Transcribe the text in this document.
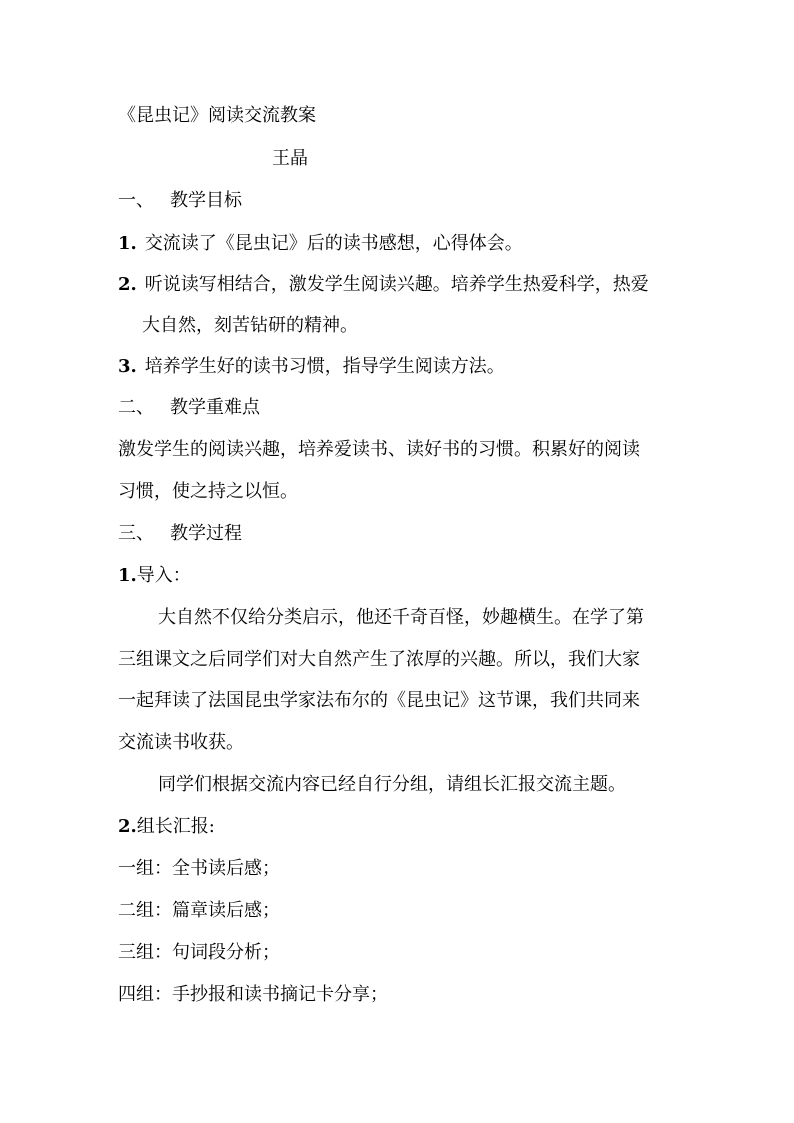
《昆虫记》阅读交流教案
王晶
一、 教学目标
1. 交流读了《昆虫记》后的读书感想，心得体会。
2. 听说读写相结合，激发学生阅读兴趣。培养学生热爱科学，热爱
大自然，刻苦钻研的精神。
3. 培养学生好的读书习惯，指导学生阅读方法。
二、 教学重难点
激发学生的阅读兴趣，培养爱读书、读好书的习惯。积累好的阅读
习惯，使之持之以恒。
三、 教学过程
1.导入：
大自然不仅给分类启示，他还千奇百怪，妙趣横生。在学了第
三组课文之后同学们对大自然产生了浓厚的兴趣。所以，我们大家
一起拜读了法国昆虫学家法布尔的《昆虫记》这节课，我们共同来
交流读书收获。
同学们根据交流内容已经自行分组，请组长汇报交流主题。
2.组长汇报:
一组：全书读后感；
二组：篇章读后感；
三组：句词段分析；
四组：手抄报和读书摘记卡分享；
